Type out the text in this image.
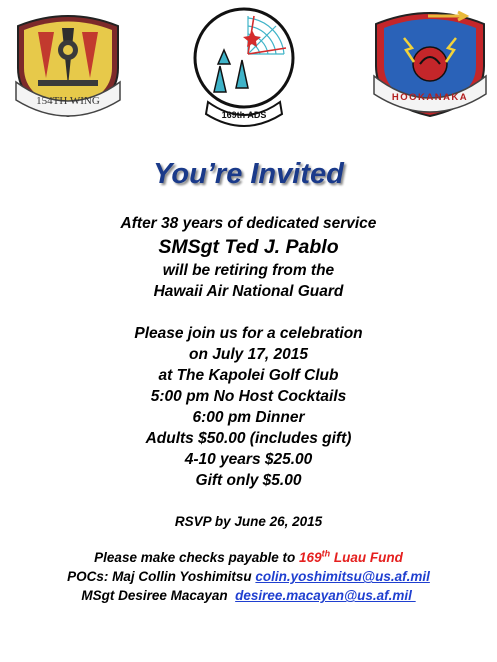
154TH WING
169th ADS
HOOKANAKA
You’re Invited
After 38 years of dedicated service
SMSgt Ted J. Pablo
will be retiring from the
Hawaii Air National Guard
Please join us for a celebration
on July 17, 2015
at The Kapolei Golf Club
5:00 pm No Host Cocktails
6:00 pm Dinner
Adults $50.00 (includes gift)
4-10 years $25.00
Gift only $5.00
RSVP by June 26, 2015
Please make checks payable to 169th Luau Fund
POCs: Maj Collin Yoshimitsu colin.yoshimitsu@us.af.mil
MSgt Desiree Macayan  desiree.macayan@us.af.mil
